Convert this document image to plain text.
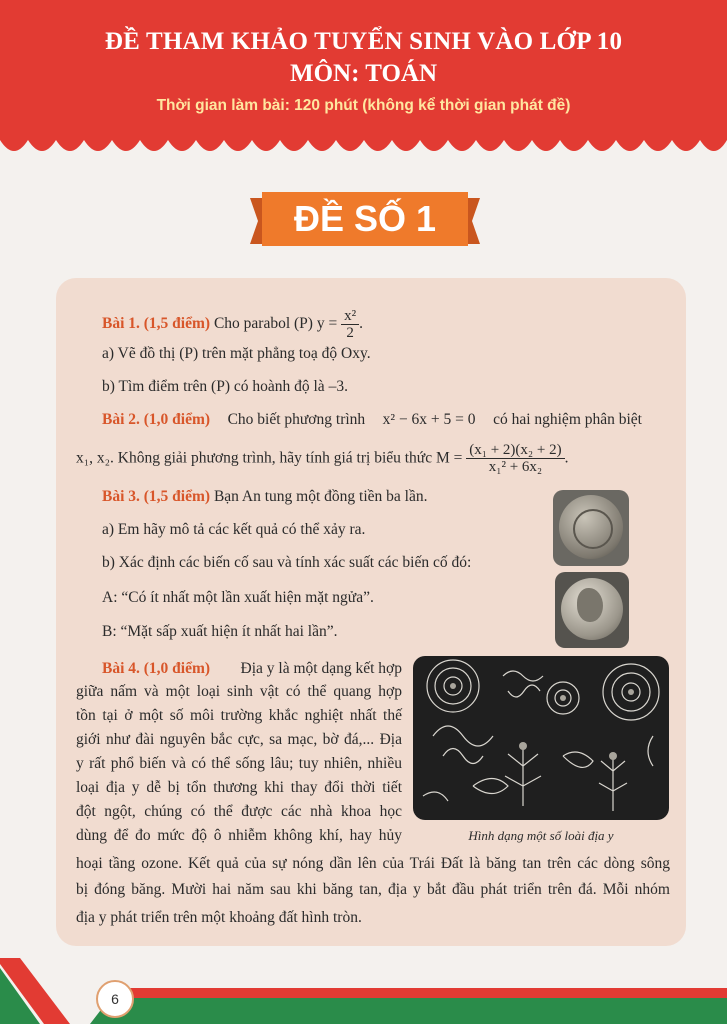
ĐỀ THAM KHẢO TUYỂN SINH VÀO LỚP 10
MÔN: TOÁN
Thời gian làm bài: 120 phút (không kể thời gian phát đề)
ĐỀ SỐ 1
Bài 1. (1,5 điểm) Cho parabol (P) $y = \frac{\text{x²}}{2}$ .
a) Vẽ đồ thị (P) trên mặt phẳng toạ độ Oxy.
b) Tìm điểm trên (P) có hoành độ là –3.
Bài 2. (1,0 điểm) Cho biết phương trình x² − 6x + 5 = 0 có hai nghiệm phân biệt
x₁, x₂. Không giải phương trình, hãy tính giá trị biểu thức $M = \frac{\text{(x₁ + 2)(x₂ + 2)}}{\text{x₁² + 6x₂}}$ .
Bài 3. (1,5 điểm) Bạn An tung một đồng tiền ba lần.
a) Em hãy mô tả các kết quả có thể xảy ra.
b) Xác định các biến cố sau và tính xác suất các biến cố đó:
A: “Có ít nhất một lần xuất hiện mặt ngửa”.
B: “Mặt sấp xuất hiện ít nhất hai lần”.
Bài 4. (1,0 điểm) Địa y là một dạng kết hợp
giữa nấm và một loại sinh vật có thể quang hợp
tồn tại ở một số môi trường khắc nghiệt nhất thế
giới như đài nguyên bắc cực, sa mạc, bờ đá,... Địa
y rất phổ biến và có thể sống lâu; tuy nhiên, nhiều
loại địa y dễ bị tổn thương khi thay đổi thời tiết
đột ngột, chúng có thể được các nhà khoa học
dùng để đo mức độ ô nhiễm không khí, hay hủy
hoại tầng ozone. Kết quả của sự nóng dần lên của Trái Đất là băng tan trên các dòng sông
bị đóng băng. Mười hai năm sau khi băng tan, địa y bắt đầu phát triển trên đá. Mỗi nhóm
địa y phát triển trên một khoảng đất hình tròn.
Hình dạng một số loài địa y
6
